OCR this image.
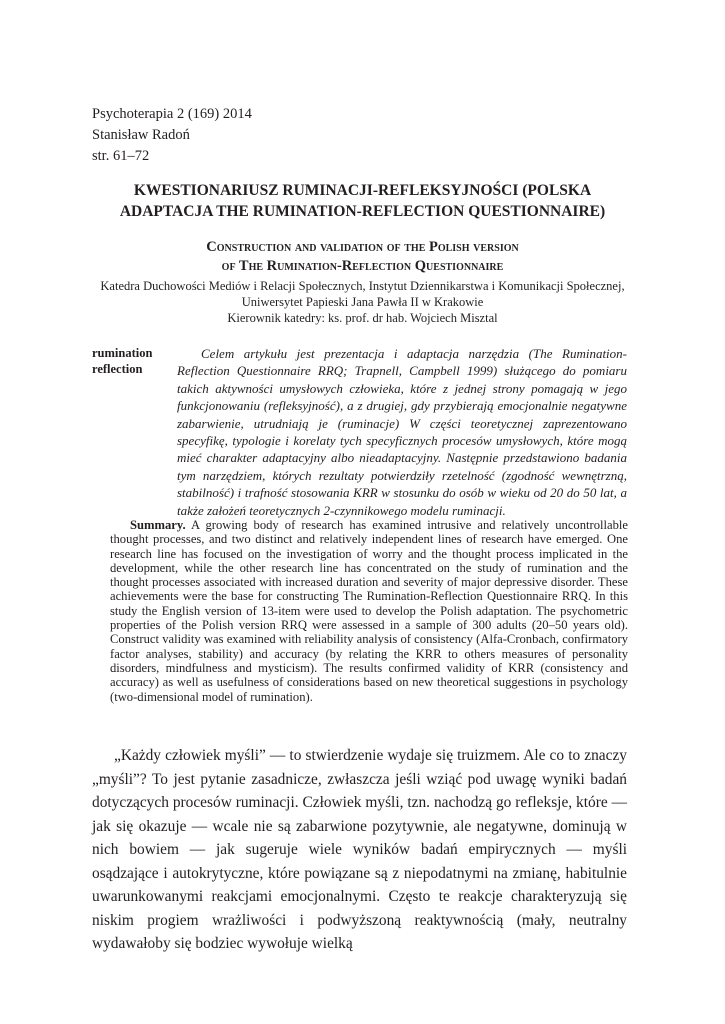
Psychoterapia 2 (169) 2014
Stanisław Radoń
str. 61–72
KWESTIONARIUSZ RUMINACJI-REFLEKSYJNOŚCI (POLSKA
ADAPTACJA THE RUMINATION-REFLECTION QUESTIONNAIRE)
Construction and validation of the Polish version
of The Rumination-Reflection Questionnaire
Katedra Duchowości Mediów i Relacji Społecznych, Instytut Dziennikarstwa i Komunikacji Społecznej,
Uniwersytet Papieski Jana Pawła II w Krakowie
Kierownik katedry: ks. prof. dr hab. Wojciech Misztal
rumination
reflection

Celem artykułu jest prezentacja i adaptacja narzędzia (The Rumination-Reflection Questionnaire RRQ; Trapnell, Campbell 1999) służącego do pomiaru takich aktywności umysłowych człowieka, które z jednej strony pomagają w jego funkcjonowaniu (refleksyjność), a z drugiej, gdy przybierają emocjonalnie negatywne zabarwienie, utrudniają je (ruminacje) W części teoretycznej zaprezentowano specyfikę, typologie i korelaty tych specyficznych procesów umysłowych, które mogą mieć charakter adaptacyjny albo nieadaptacyjny. Następnie przedstawiono badania tym narzędziem, których rezultaty potwierdziły rzetelność (zgodność wewnętrzną, stabilność) i trafność stosowania KRR w stosunku do osób w wieku od 20 do 50 lat, a także założeń teoretycznych 2-czynnikowego modelu ruminacji.

Summary. A growing body of research has examined intrusive and relatively uncontrollable thought processes, and two distinct and relatively independent lines of research have emerged. One research line has focused on the investigation of worry and the thought process implicated in the development, while the other research line has concentrated on the study of rumination and the thought processes associated with increased duration and severity of major depressive disorder. These achievements were the base for constructing The Rumination-Reflection Questionnaire RRQ. In this study the English version of 13-item were used to develop the Polish adaptation. The psychometric properties of the Polish version RRQ were assessed in a sample of 300 adults (20–50 years old). Construct validity was examined with reliability analysis of consistency (Alfa-Cronbach, confirmatory factor analyses, stability) and accuracy (by relating the KRR to others measures of personality disorders, mindfulness and mysticism). The results confirmed validity of KRR (consistency and accuracy) as well as usefulness of considerations based on new theoretical suggestions in psychology (two-dimensional model of rumination).

„Każdy człowiek myśli” — to stwierdzenie wydaje się truizmem. Ale co to znaczy „myśli”? To jest pytanie zasadnicze, zwłaszcza jeśli wziąć pod uwagę wyniki badań dotyczących procesów ruminacji. Człowiek myśli, tzn. nachodzą go refleksje, które — jak się okazuje — wcale nie są zabarwione pozytywnie, ale negatywne, dominują w nich bowiem — jak sugeruje wiele wyników badań empirycznych — myśli osądzające i autokrytyczne, które powiązane są z niepodatnymi na zmianę, habitulnie uwarunkowanymi reakcjami emocjonalnymi. Często te reakcje charakteryzują się niskim progiem wrażliwości i podwyższoną reaktywnością (mały, neutralny wydawałoby się bodziec wywołuje wielką
